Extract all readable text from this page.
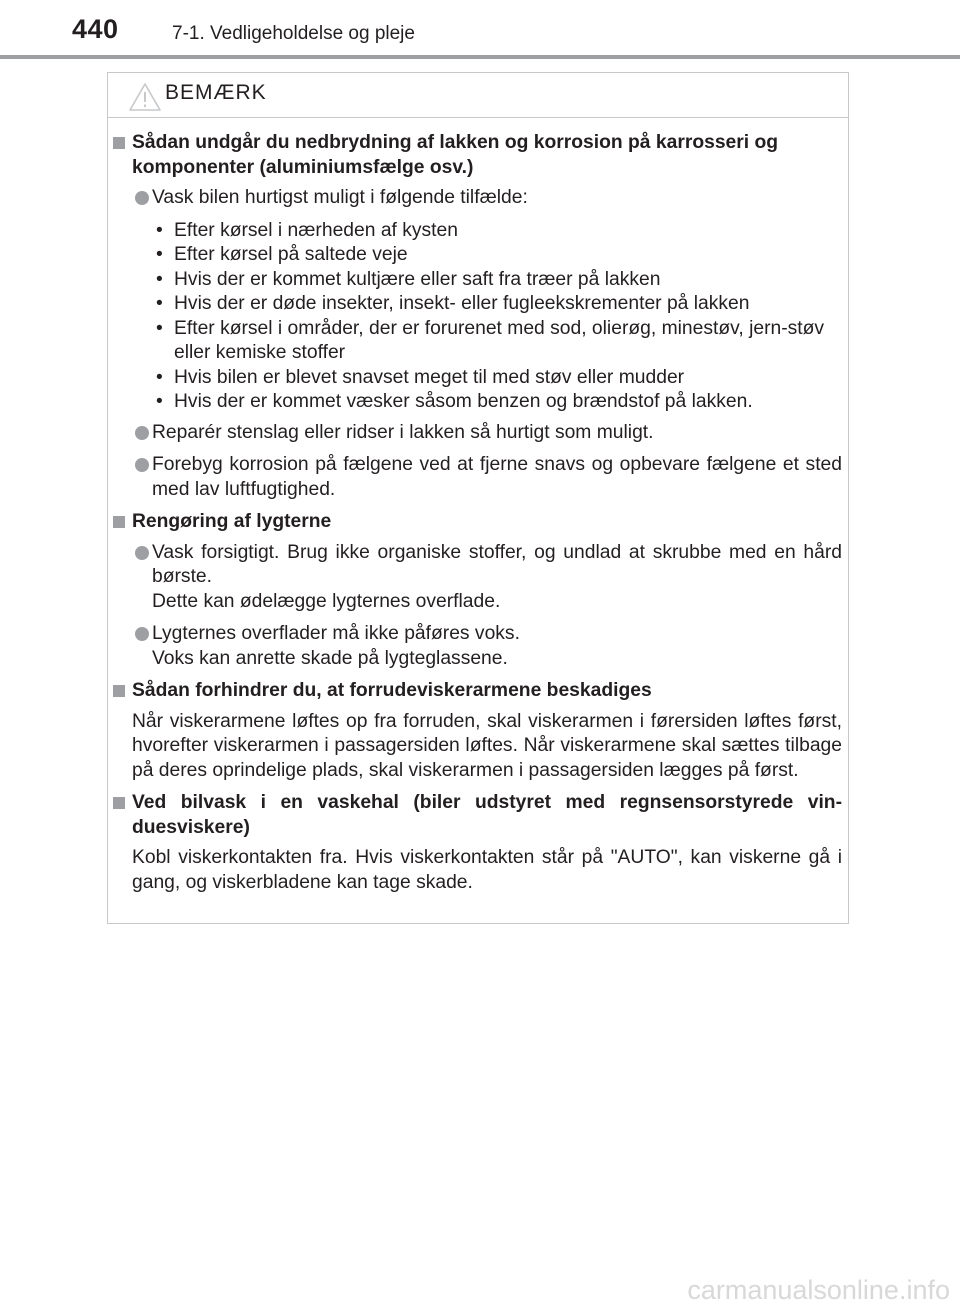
440	7-1. Vedligeholdelse og pleje
BEMÆRK
Sådan undgår du nedbrydning af lakken og korrosion på karrosseri og komponenter (aluminiumsfælge osv.)
Vask bilen hurtigst muligt i følgende tilfælde:
• Efter kørsel i nærheden af kysten
• Efter kørsel på saltede veje
• Hvis der er kommet kultjære eller saft fra træer på lakken
• Hvis der er døde insekter, insekt- eller fugleekskrementer på lakken
• Efter kørsel i områder, der er forurenet med sod, olierøg, minestøv, jern-støv eller kemiske stoffer
• Hvis bilen er blevet snavset meget til med støv eller mudder
• Hvis der er kommet væsker såsom benzen og brændstof på lakken.
Reparér stenslag eller ridser i lakken så hurtigt som muligt.
Forebyg korrosion på fælgene ved at fjerne snavs og opbevare fælgene et sted med lav luftfugtighed.
Rengøring af lygterne
Vask forsigtigt. Brug ikke organiske stoffer, og undlad at skrubbe med en hård børste.
Dette kan ødelægge lygternes overflade.
Lygternes overflader må ikke påføres voks.
Voks kan anrette skade på lygteglassene.
Sådan forhindrer du, at forrudeviskerarmene beskadiges
Når viskerarmene løftes op fra forruden, skal viskerarmen i førersiden løftes først, hvorefter viskerarmen i passagersiden løftes. Når viskerarmene skal sættes tilbage på deres oprindelige plads, skal viskerarmen i passagersiden lægges på først.
Ved bilvask i en vaskehal (biler udstyret med regnsensorstyrede vin-duesviskere)
Kobl viskerkontakten fra. Hvis viskerkontakten står på "AUTO", kan viskerne gå i gang, og viskerbladene kan tage skade.
carmanualsonline.info
